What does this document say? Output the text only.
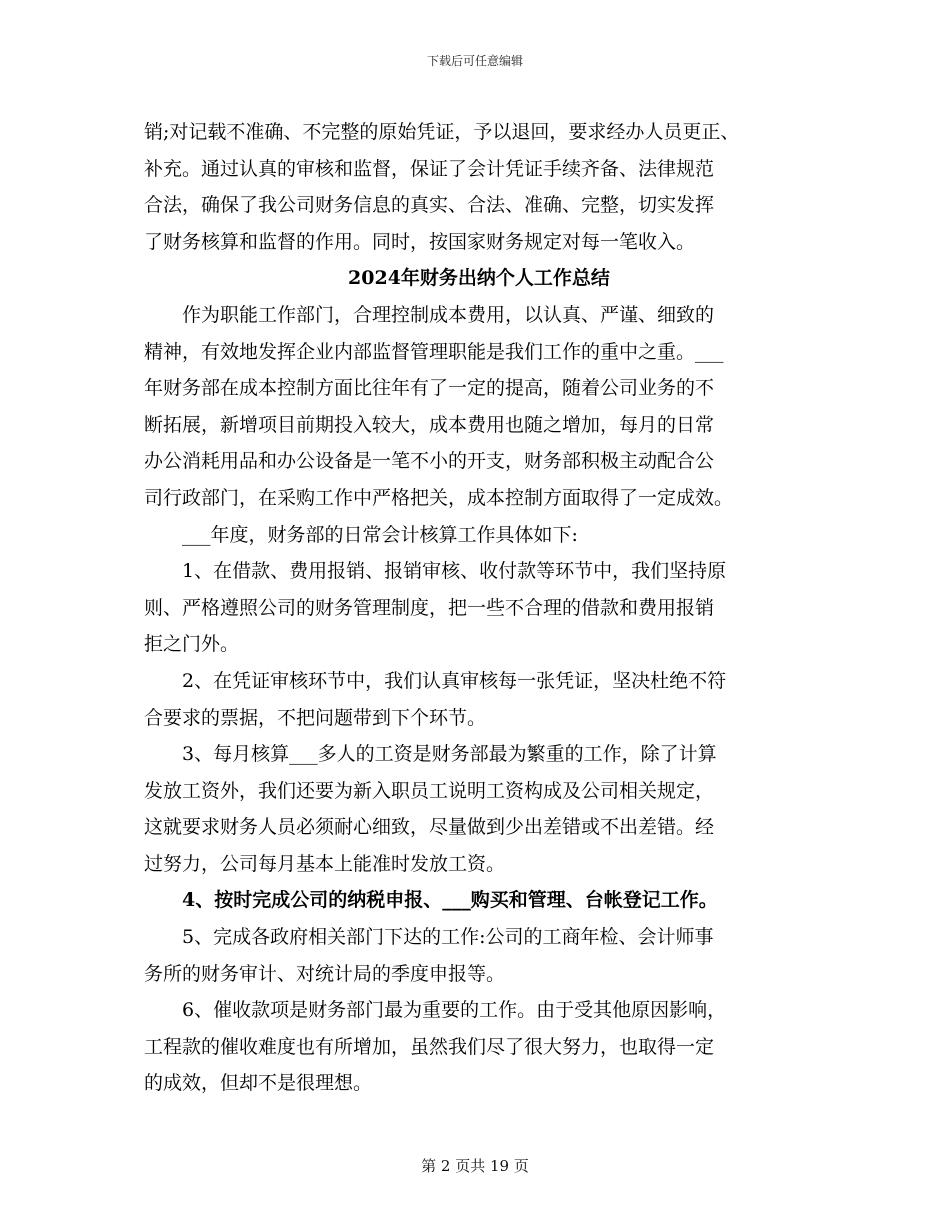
下载后可任意编辑
销;对记载不准确、不完整的原始凭证，予以退回，要求经办人员更正、
补充。通过认真的审核和监督，保证了会计凭证手续齐备、法律规范
合法，确保了我公司财务信息的真实、合法、准确、完整，切实发挥
了财务核算和监督的作用。同时，按国家财务规定对每一笔收入。
2024年财务出纳个人工作总结
　　作为职能工作部门，合理控制成本费用，以认真、严谨、细致的
精神，有效地发挥企业内部监督管理职能是我们工作的重中之重。___
年财务部在成本控制方面比往年有了一定的提高，随着公司业务的不
断拓展，新增项目前期投入较大，成本费用也随之增加，每月的日常
办公消耗用品和办公设备是一笔不小的开支，财务部积极主动配合公
司行政部门，在采购工作中严格把关，成本控制方面取得了一定成效。
　　___年度，财务部的日常会计核算工作具体如下:
　　1、在借款、费用报销、报销审核、收付款等环节中，我们坚持原
则、严格遵照公司的财务管理制度，把一些不合理的借款和费用报销
拒之门外。
　　2、在凭证审核环节中，我们认真审核每一张凭证，坚决杜绝不符
合要求的票据，不把问题带到下个环节。
　　3、每月核算___多人的工资是财务部最为繁重的工作，除了计算
发放工资外，我们还要为新入职员工说明工资构成及公司相关规定，
这就要求财务人员必须耐心细致，尽量做到少出差错或不出差错。经
过努力，公司每月基本上能准时发放工资。
　　4、按时完成公司的纳税申报、___购买和管理、台帐登记工作。
　　5、完成各政府相关部门下达的工作:公司的工商年检、会计师事
务所的财务审计、对统计局的季度申报等。
　　6、催收款项是财务部门最为重要的工作。由于受其他原因影响，
工程款的催收难度也有所增加，虽然我们尽了很大努力，也取得一定
的成效，但却不是很理想。
第 2 页共 19 页
